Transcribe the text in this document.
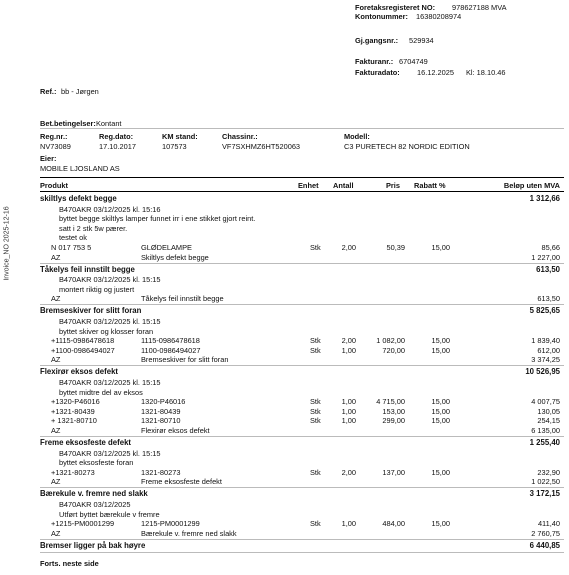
Invoice_NO 2025-12-16
Foretaksregisteret NO: 978627188 MVA
Kontonummer: 16380208974
Gj.gangsnr.: 529934
Fakturanr.: 6704749
Fakturadato: 16.12.2025 Kl: 18.10.46
Ref.: bb - Jørgen
Bet.betingelser: Kontant
Reg.nr.:
NV73089
Reg.dato:
17.10.2017
KM stand:
107573
Chassinr.:
VF7SXHMZ6HT520063
Modell:
C3 PURETECH 82 NORDIC EDITION
Eier:
MOBILE LJOSLAND AS
Produkt	Enhet Antall	Pris Rabatt %	Beløp uten MVA
skiltlys defekt begge	1 312,66
B470AKR 03/12/2025 kl. 15:16
byttet begge skiltlys lamper funnet irr i ene stikket gjort reint.
satt i 2 stk 5w pærer.
testet ok
N 017 753 5	GLØDELAMPE	Stk	2,00	50,39	15,00	85,66
AZ	Skiltlys defekt begge	1 227,00
Tåkelys feil innstilt begge	613,50
B470AKR 03/12/2025 kl. 15:15
montert riktig og justert
AZ	Tåkelys feil innstilt begge	613,50
Bremseskiver for slitt foran	5 825,65
B470AKR 03/12/2025 kl. 15:15
byttet skiver og klosser foran
+1115-0986478618	1115-0986478618	Stk	2,00	1 082,00	15,00	1 839,40
+1100-0986494027	1100-0986494027	Stk	1,00	720,00	15,00	612,00
AZ	Bremseskiver for slitt foran	3 374,25
Flexirør eksos defekt	10 526,95
B470AKR 03/12/2025 kl. 15:15
byttet midtre del av eksos
+1320-P46016	1320-P46016	Stk	1,00	4 715,00	15,00	4 007,75
+1321-80439	1321-80439	Stk	1,00	153,00	15,00	130,05
+ 1321-80710	1321-80710	Stk	1,00	299,00	15,00	254,15
AZ	Flexirør eksos defekt	6 135,00
Freme eksosfeste defekt	1 255,40
B470AKR 03/12/2025 kl. 15:15
byttet eksosfeste foran
+1321-80273	1321-80273	Stk	2,00	137,00	15,00	232,90
AZ	Freme eksosfeste defekt	1 022,50
Bærekule v. fremre ned slakk	3 172,15
B470AKR 03/12/2025
Utført byttet bærekule v fremre
+1215-PM0001299	1215-PM0001299	Stk	1,00	484,00	15,00	411,40
AZ	Bærekule v. fremre ned slakk	2 760,75
Bremser ligger på bak høyre	6 440,85
Forts. neste side
